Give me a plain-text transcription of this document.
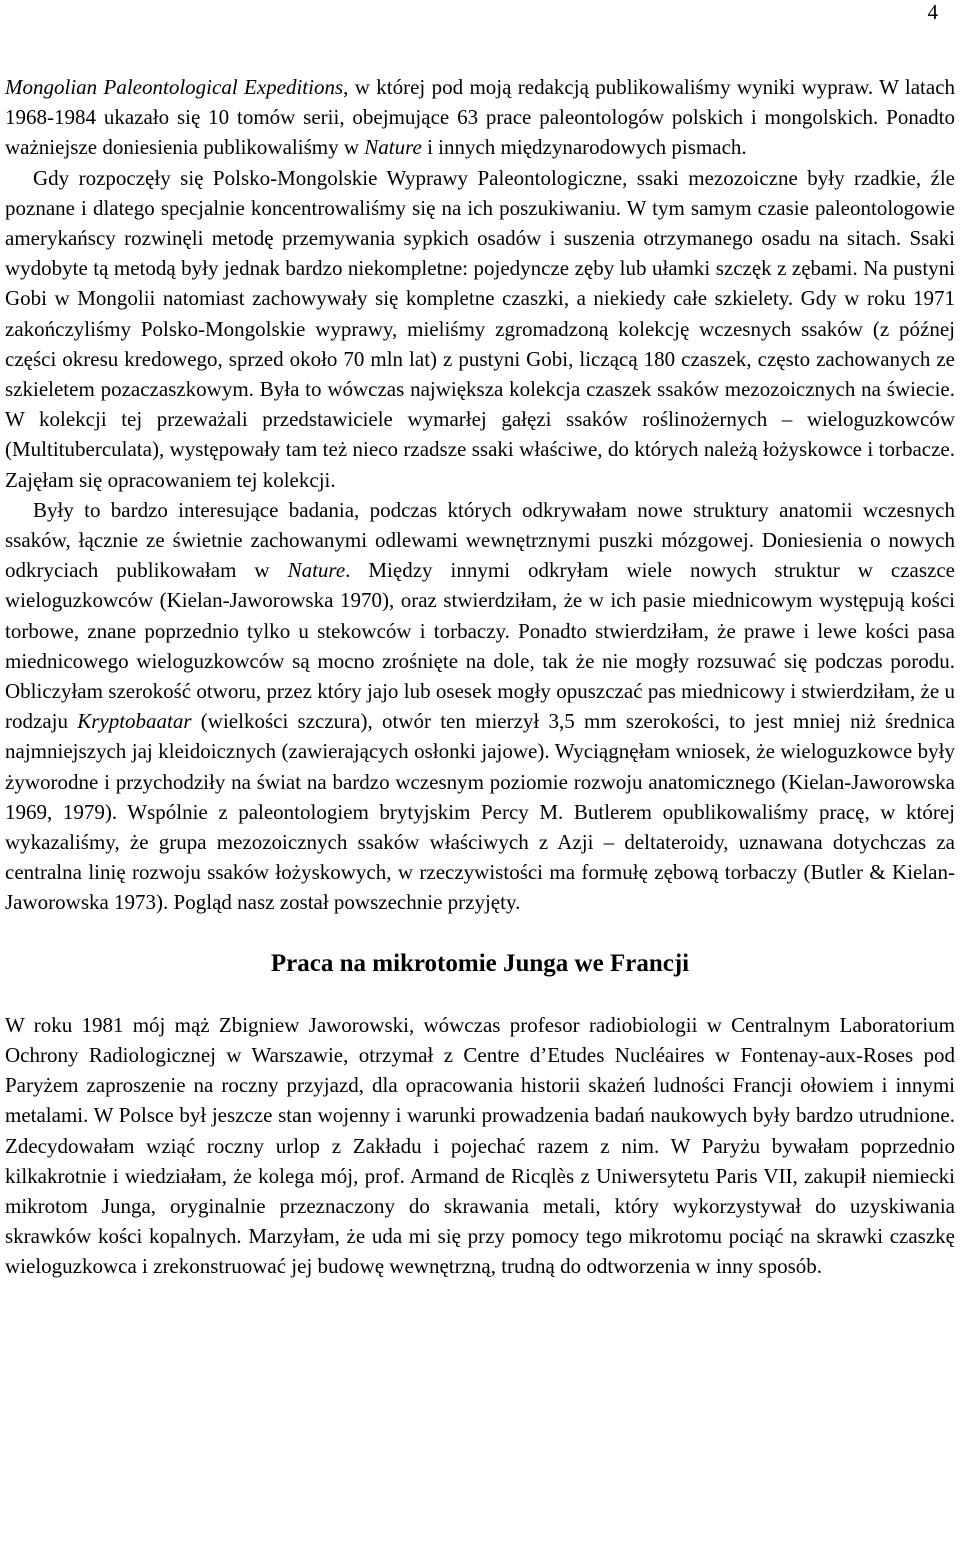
4

Mongolian Paleontological Expeditions, w której pod moją redakcją publikowaliśmy wyniki wypraw. W latach 1968-1984 ukazało się 10 tomów serii, obejmujące 63 prace paleontologów polskich i mongolskich. Ponadto ważniejsze doniesienia publikowaliśmy w Nature i innych międzynarodowych pismach.

Gdy rozpoczęły się Polsko-Mongolskie Wyprawy Paleontologiczne, ssaki mezozoiczne były rzadkie, źle poznane i dlatego specjalnie koncentrowaliśmy się na ich poszukiwaniu. W tym samym czasie paleontologowie amerykańscy rozwinęli metodę przemywania sypkich osadów i suszenia otrzymanego osadu na sitach. Ssaki wydobyte tą metodą były jednak bardzo niekompletne: pojedyncze zęby lub ułamki szczęk z zębami. Na pustyni Gobi w Mongolii natomiast zachowywały się kompletne czaszki, a niekiedy całe szkielety. Gdy w roku 1971 zakończyliśmy Polsko-Mongolskie wyprawy, mieliśmy zgromadzoną kolekcję wczesnych ssaków (z późnej części okresu kredowego, sprzed około 70 mln lat) z pustyni Gobi, liczącą 180 czaszek, często zachowanych ze szkieletem pozaczaszkowym. Była to wówczas największa kolekcja czaszek ssaków mezozoicznych na świecie. W kolekcji tej przeważali przedstawiciele wymarłej gałęzi ssaków roślinożernych – wieloguzkowców (Multituberculata), występowały tam też nieco rzadsze ssaki właściwe, do których należą łożyskowce i torbacze. Zajęłam się opracowaniem tej kolekcji.

Były to bardzo interesujące badania, podczas których odkrywałam nowe struktury anatomii wczesnych ssaków, łącznie ze świetnie zachowanymi odlewami wewnętrznymi puszki mózgowej. Doniesienia o nowych odkryciach publikowałam w Nature. Między innymi odkryłam wiele nowych struktur w czaszce wieloguzkowców (Kielan-Jaworowska 1970), oraz stwierdziłam, że w ich pasie miednicowym występują kości torbowe, znane poprzednio tylko u stekowców i torbaczy. Ponadto stwierdziłam, że prawe i lewe kości pasa miednicowego wieloguzkowców są mocno zrośnięte na dole, tak że nie mogły rozsuwać się podczas porodu. Obliczyłam szerokość otworu, przez który jajo lub osesek mogły opuszczać pas miednicowy i stwierdziłam, że u rodzaju Kryptobaatar (wielkości szczura), otwór ten mierzył 3,5 mm szerokości, to jest mniej niż średnica najmniejszych jaj kleidoicznych (zawierających osłonki jajowe). Wyciągnęłam wniosek, że wieloguzkowce były żyworodne i przychodziły na świat na bardzo wczesnym poziomie rozwoju anatomicznego (Kielan-Jaworowska 1969, 1979). Wspólnie z paleontologiem brytyjskim Percy M. Butlerem opublikowaliśmy pracę, w której wykazaliśmy, że grupa mezozoicznych ssaków właściwych z Azji – deltateroidy, uznawana dotychczas za centralna linię rozwoju ssaków łożyskowych, w rzeczywistości ma formułę zębową torbaczy (Butler & Kielan-Jaworowska 1973). Pogląd nasz został powszechnie przyjęty.

Praca na mikrotomie Junga we Francji

W roku 1981 mój mąż Zbigniew Jaworowski, wówczas profesor radiobiologii w Centralnym Laboratorium Ochrony Radiologicznej w Warszawie, otrzymał z Centre d’Etudes Nucléaires w Fontenay-aux-Roses pod Paryżem zaproszenie na roczny przyjazd, dla opracowania historii skażeń ludności Francji ołowiem i innymi metalami. W Polsce był jeszcze stan wojenny i warunki prowadzenia badań naukowych były bardzo utrudnione. Zdecydowałam wziąć roczny urlop z Zakładu i pojechać razem z nim. W Paryżu bywałam poprzednio kilkakrotnie i wiedziałam, że kolega mój, prof. Armand de Ricqlès z Uniwersytetu Paris VII, zakupił niemiecki mikrotom Junga, oryginalnie przeznaczony do skrawania metali, który wykorzystywał do uzyskiwania skrawków kości kopalnych. Marzyłam, że uda mi się przy pomocy tego mikrotomu pociąć na skrawki czaszkę wieloguzkowca i zrekonstruować jej budowę wewnętrzną, trudną do odtworzenia w inny sposób.
